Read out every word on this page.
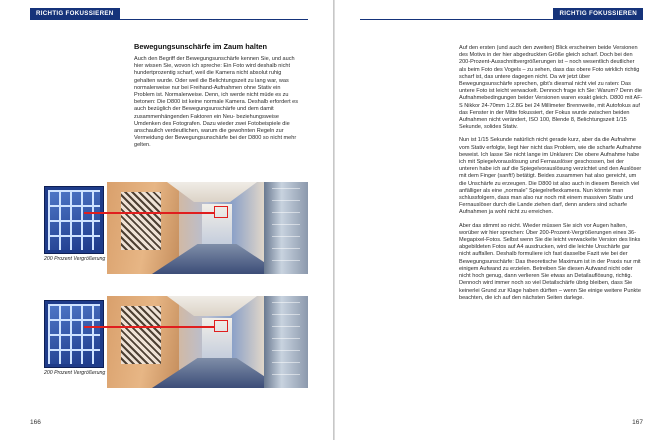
RICHTIG FOKUSSIEREN
Bewegungsunschärfe im Zaum halten

Auch den Begriff der Bewegungsunschärfe kennen Sie, und auch hier wissen Sie, wovon ich spreche: Ein Foto wird deshalb nicht hundertprozentig scharf, weil die Kamera nicht absolut ruhig gehalten wurde. Oder weil die Belichtungszeit zu lang war, was normalerweise nur bei Freihand-Aufnahmen ohne Stativ ein Problem ist. Normalerweise. Denn, ich werde nicht müde es zu betonen: Die D800 ist keine normale Kamera. Deshalb erfordert es auch bezüglich der Bewegungsunschärfe und dem damit zusammenhängenden Faktoren ein Neu- beziehungsweise Umdenken des Fotografen. Dazu wieder zwei Fotobeispiele die anschaulich verdeutlichen, warum die gewohnten Regeln zur Vermeidung der Bewegungsunschärfe bei der D800 so nicht mehr gelten.

200 Prozent Vergrößerung
200 Prozent Vergrößerung
166
RICHTIG FOKUSSIEREN

Auf den ersten (und auch den zweiten) Blick erscheinen beide Versionen des Motivs in der hier abgedruckten Größe gleich scharf. Doch bei den 200-Prozent-Ausschnittvergrößerungen ist – noch wesentlich deutlicher als beim Foto des Vogels – zu sehen, dass das obere Foto wirklich richtig scharf ist, das untere dagegen nicht. Da wir jetzt über Bewegungsunschärfe sprechen, gibt's diesmal nicht viel zu raten: Das untere Foto ist leicht verwackelt. Dennoch frage ich Sie: Warum? Denn die Aufnahmebedingungen beider Versionen waren exakt gleich. D800 mit AF-S Nikkor 24-70mm 1:2.8G bei 24 Millimeter Brennweite, mit Autofokus auf das Fenster in der Mitte fokussiert, der Fokus wurde zwischen beiden Aufnahmen nicht verändert, ISO 100, Blende 8, Belichtungszeit 1/15 Sekunde, solides Stativ.

Nun ist 1/15 Sekunde natürlich nicht gerade kurz, aber da die Aufnahme vom Stativ erfolgte, liegt hier nicht das Problem, wie die scharfe Aufnahme beweist. Ich lasse Sie nicht lange im Unklaren: Die obere Aufnahme habe ich mit Spiegelvorauslösung und Fernauslöser geschossen, bei der unteren habe ich auf die Spiegelvorauslösung verzichtet und den Auslöser mit dem Finger (sanft!) betätigt. Beides zusammen hat also gereicht, um die Unschärfe zu erzeugen. Die D800 ist also auch in diesem Bereich viel anfälliger als eine „normale“ Spiegelreflexkamera. Nun könnte man schlussfolgern, dass man also nur noch mit einem massiven Stativ und Fernauslöser durch die Lande ziehen darf, denn anders sind scharfe Aufnahmen ja wohl nicht zu erreichen.

Aber das stimmt so nicht. Wieder müssen Sie sich vor Augen halten, worüber wir hier sprechen: Über 200-Prozent-Vergrößerungen eines 36-Megapixel-Fotos. Selbst wenn Sie die leicht verwackelte Version des links abgebildeten Fotos auf A4 ausdrucken, wird die leichte Unschärfe gar nicht auffallen. Deshalb formuliere ich fast dasselbe Fazit wie bei der Bewegungsunschärfe: Das theoretische Maximum ist in der Praxis nur mit einigem Aufwand zu erzielen. Betreiben Sie diesen Aufwand nicht oder nicht hoch genug, dann verlieren Sie etwas an Detailauflösung, richtig. Dennoch wird immer noch so viel Detailschärfe übrig bleiben, dass Sie keinerlei Grund zur Klage haben dürften – wenn Sie einige weitere Punkte beachten, die ich auf den nächsten Seiten darlege.

167
